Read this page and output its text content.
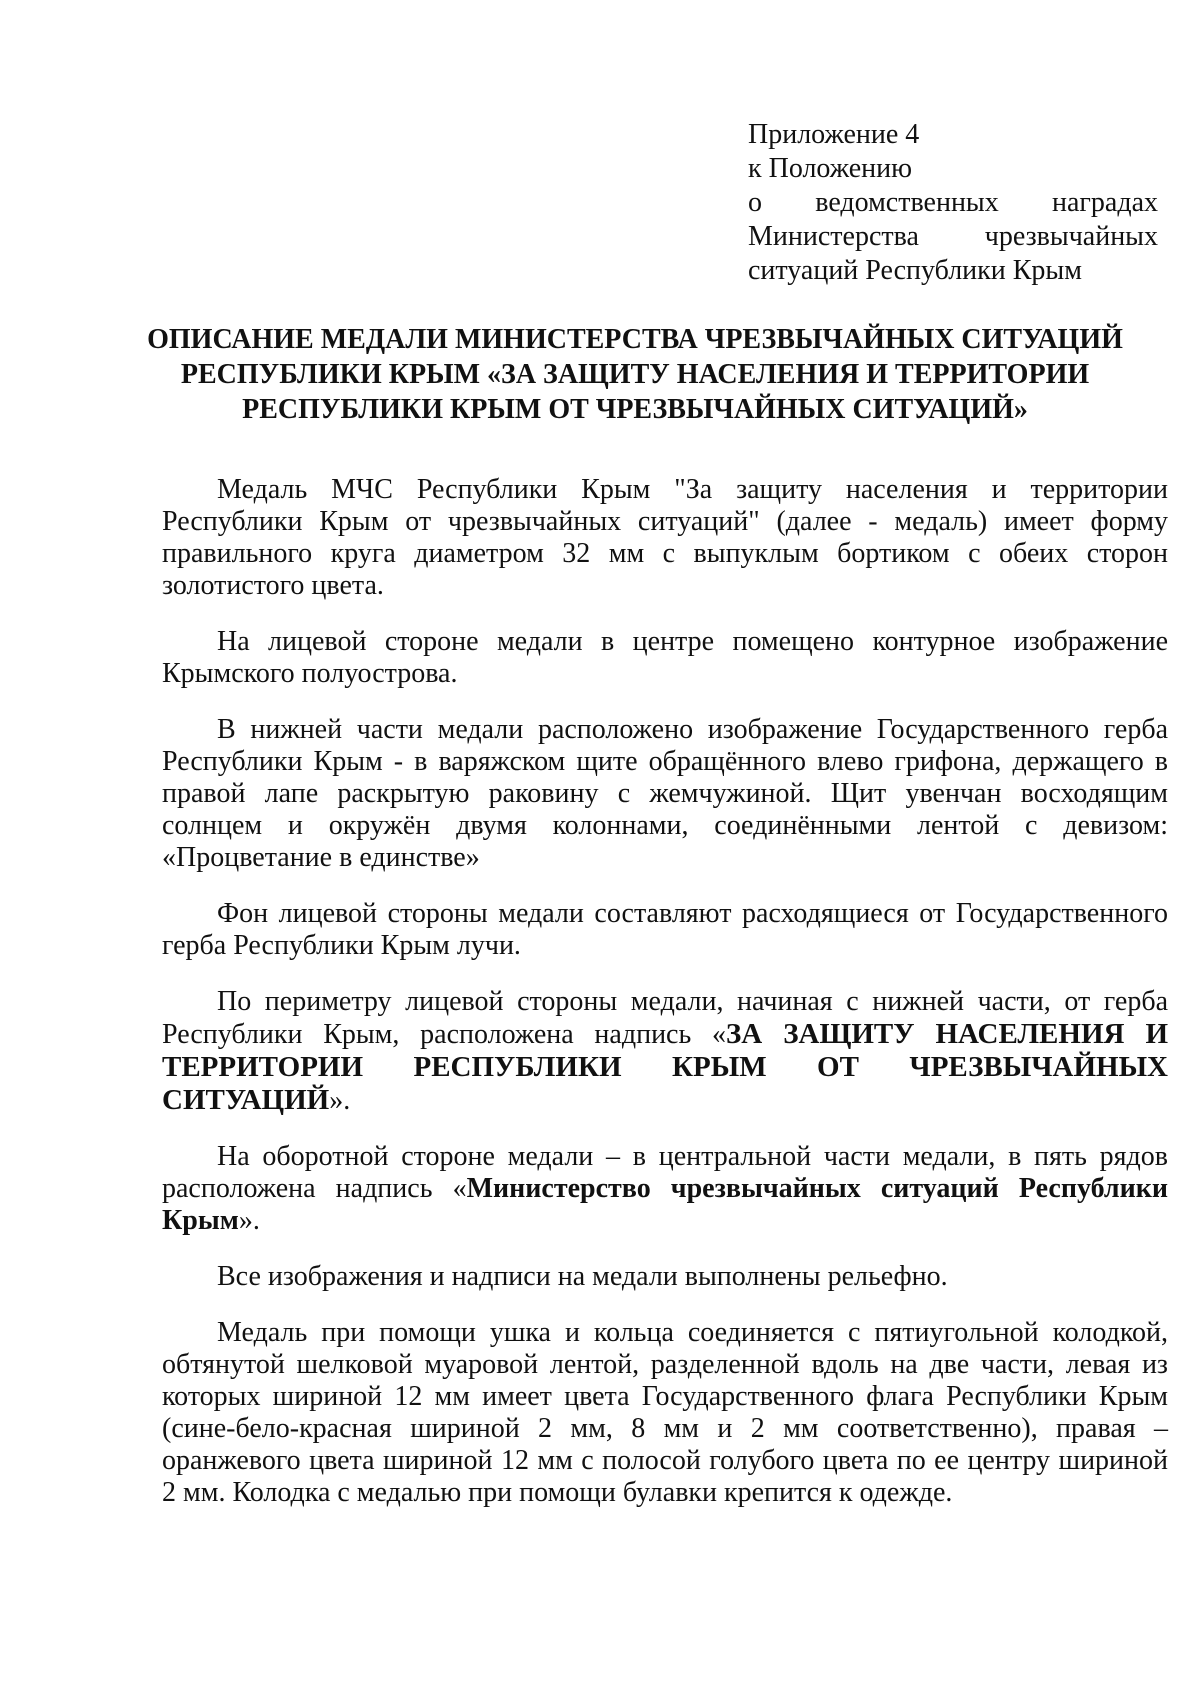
Приложение 4
к Положению
о ведомственных наградах
Министерства чрезвычайных
ситуаций Республики Крым
ОПИСАНИЕ МЕДАЛИ МИНИСТЕРСТВА ЧРЕЗВЫЧАЙНЫХ СИТУАЦИЙ
РЕСПУБЛИКИ КРЫМ «ЗА ЗАЩИТУ НАСЕЛЕНИЯ И ТЕРРИТОРИИ
РЕСПУБЛИКИ КРЫМ ОТ ЧРЕЗВЫЧАЙНЫХ СИТУАЦИЙ»

Медаль МЧС Республики Крым "За защиту населения и территории Республики Крым от чрезвычайных ситуаций" (далее - медаль) имеет форму правильного круга диаметром 32 мм с выпуклым бортиком с обеих сторон золотистого цвета.

На лицевой стороне медали в центре помещено контурное изображение Крымского полуострова.

В нижней части медали расположено изображение Государственного герба Республики Крым - в варяжском щите обращённого влево грифона, держащего в правой лапе раскрытую раковину с жемчужиной. Щит увенчан восходящим солнцем и окружён двумя колоннами, соединёнными лентой с девизом: «Процветание в единстве»

Фон лицевой стороны медали составляют расходящиеся от Государственного герба Республики Крым лучи.

По периметру лицевой стороны медали, начиная с нижней части, от герба Республики Крым, расположена надпись «ЗА ЗАЩИТУ НАСЕЛЕНИЯ И ТЕРРИТОРИИ РЕСПУБЛИКИ КРЫМ ОТ ЧРЕЗВЫЧАЙНЫХ СИТУАЦИЙ».

На оборотной стороне медали – в центральной части медали, в пять рядов расположена надпись «Министерство чрезвычайных ситуаций Республики Крым».

Все изображения и надписи на медали выполнены рельефно.

Медаль при помощи ушка и кольца соединяется с пятиугольной колодкой, обтянутой шелковой муаровой лентой, разделенной вдоль на две части, левая из которых шириной 12 мм имеет цвета Государственного флага Республики Крым (сине-бело-красная шириной 2 мм, 8 мм и 2 мм соответственно), правая – оранжевого цвета шириной 12 мм с полосой голубого цвета по ее центру шириной 2 мм. Колодка с медалью при помощи булавки крепится к одежде.
